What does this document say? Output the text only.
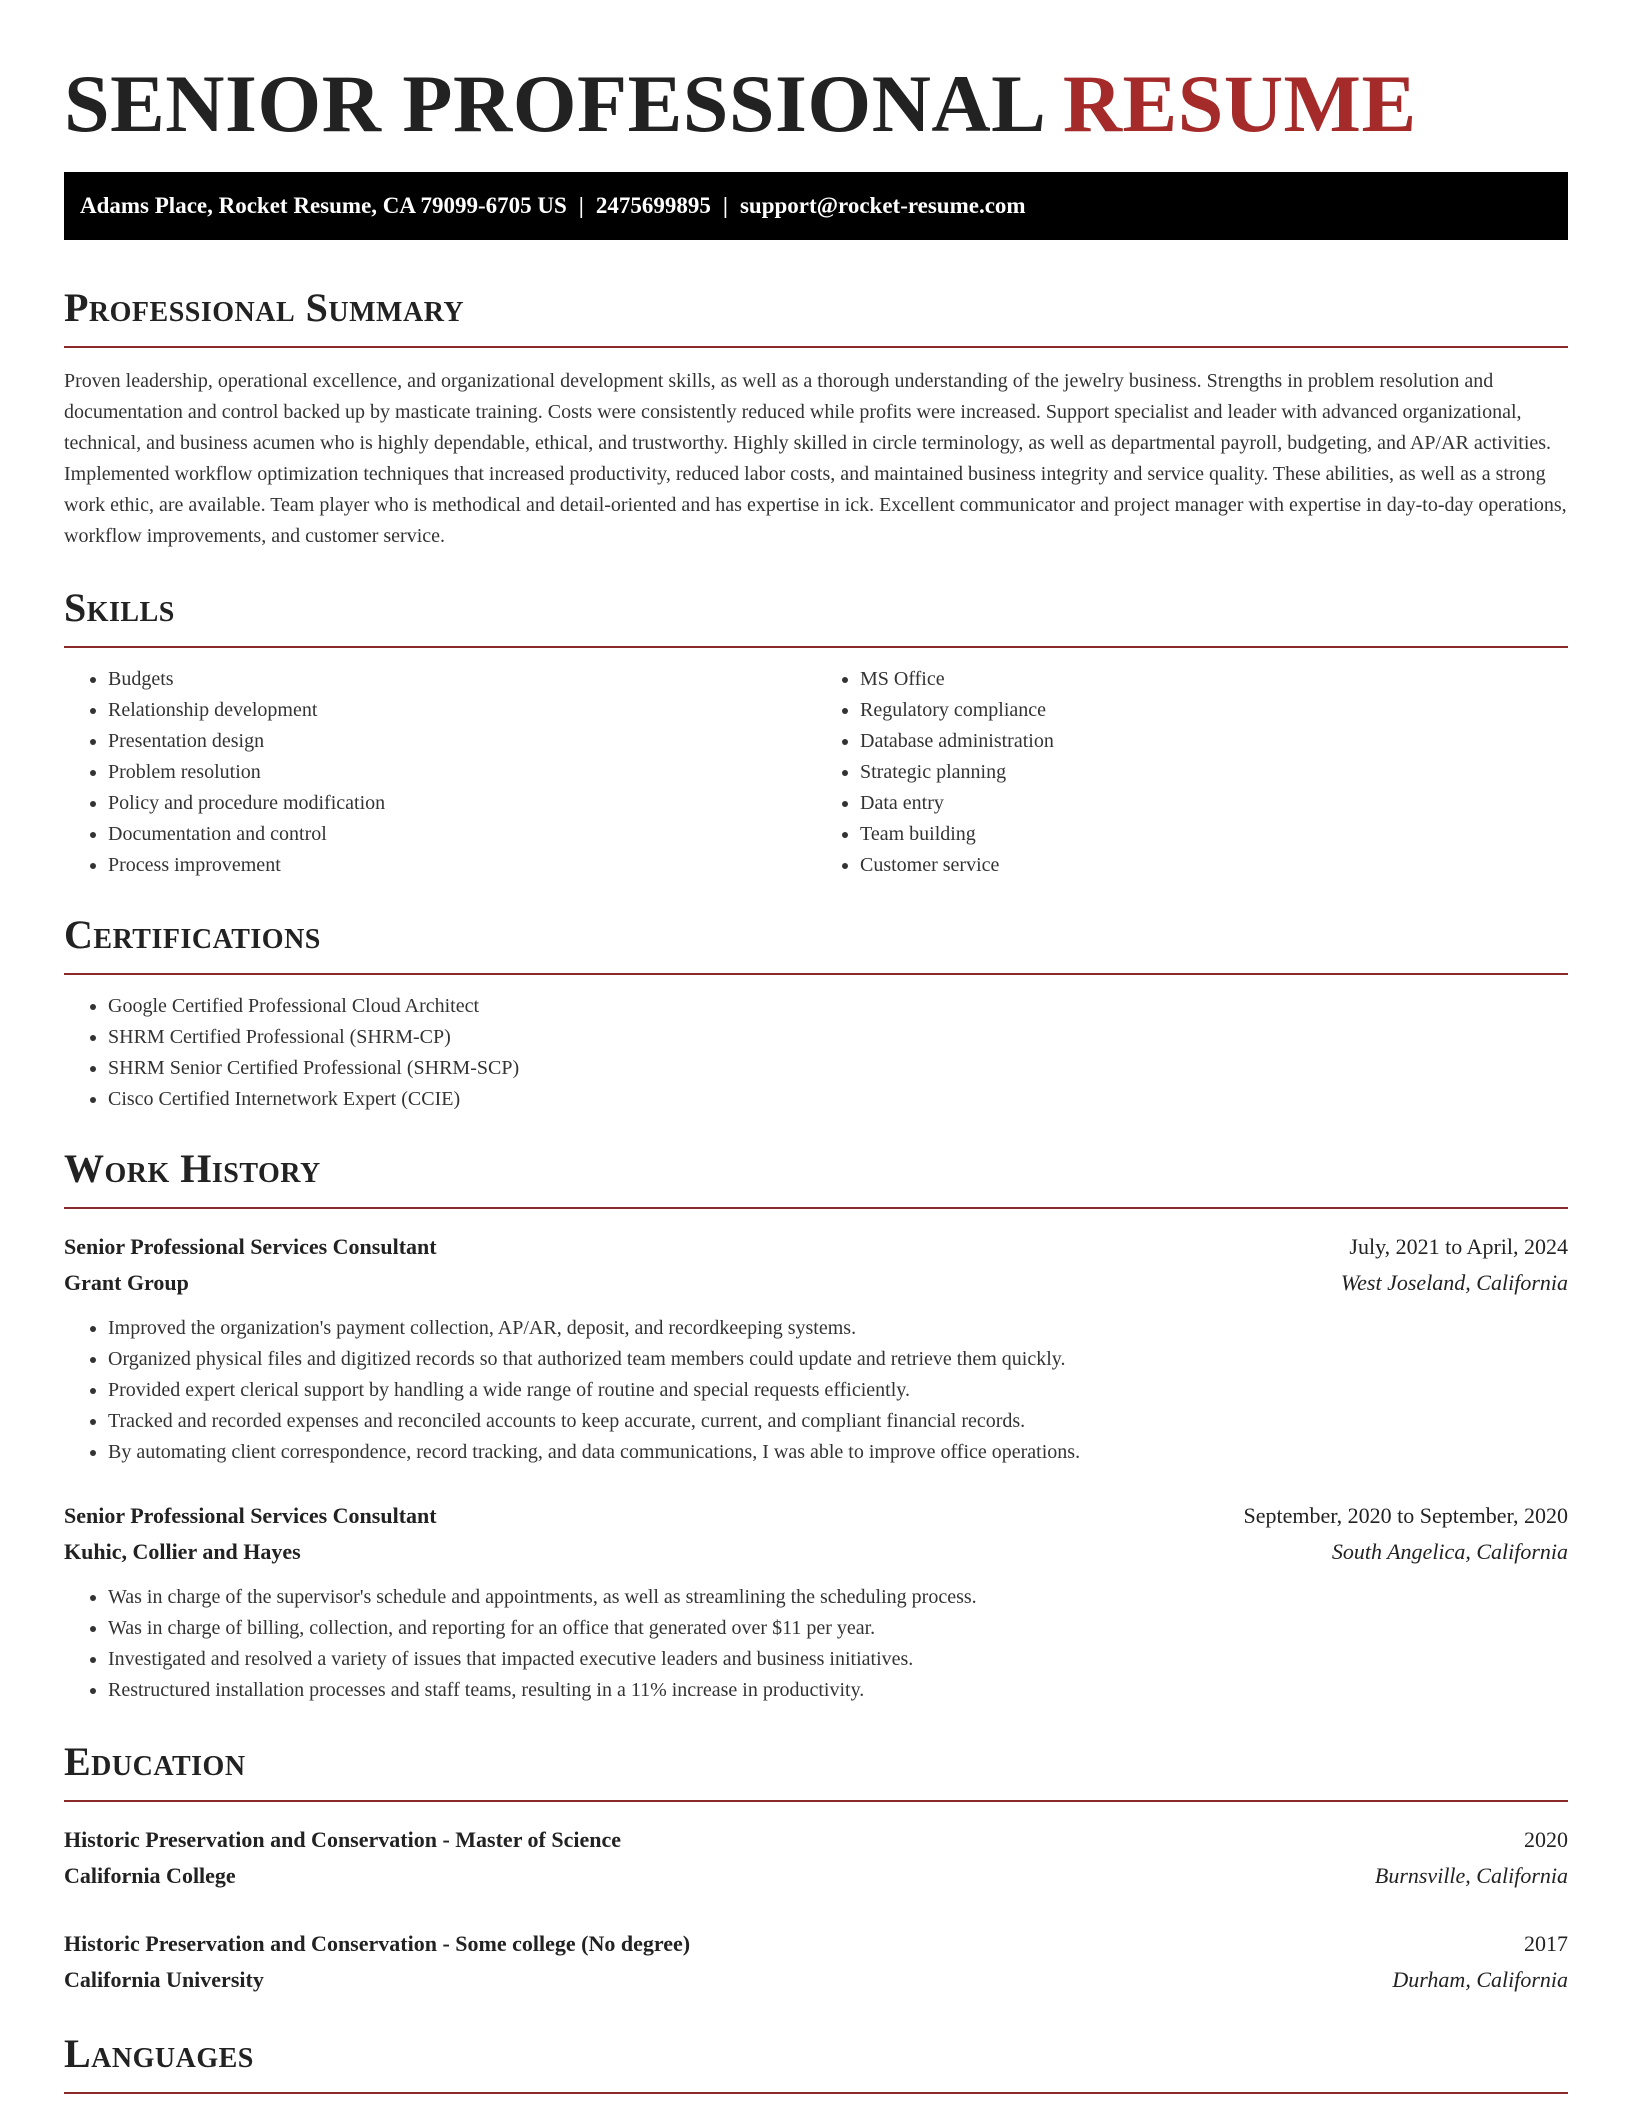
SENIOR PROFESSIONAL RESUME
Adams Place, Rocket Resume, CA 79099-6705 US | 2475699895 | support@rocket-resume.com
Professional Summary

Proven leadership, operational excellence, and organizational development skills, as well as a thorough understanding of the jewelry business. Strengths in problem resolution and documentation and control backed up by masticate training. Costs were consistently reduced while profits were increased. Support specialist and leader with advanced organizational, technical, and business acumen who is highly dependable, ethical, and trustworthy. Highly skilled in circle terminology, as well as departmental payroll, budgeting, and AP/AR activities. Implemented workflow optimization techniques that increased productivity, reduced labor costs, and maintained business integrity and service quality. These abilities, as well as a strong work ethic, are available. Team player who is methodical and detail-oriented and has expertise in ick. Excellent communicator and project manager with expertise in day-to-day operations, workflow improvements, and customer service.

Skills
• Budgets
• Relationship development
• Presentation design
• Problem resolution
• Policy and procedure modification
• Documentation and control
• Process improvement
• MS Office
• Regulatory compliance
• Database administration
• Strategic planning
• Data entry
• Team building
• Customer service
Certifications
• Google Certified Professional Cloud Architect
• SHRM Certified Professional (SHRM-CP)
• SHRM Senior Certified Professional (SHRM-SCP)
• Cisco Certified Internetwork Expert (CCIE)
Work History
Senior Professional Services Consultant	July, 2021 to April, 2024
Grant Group	West Joseland, California
• Improved the organization's payment collection, AP/AR, deposit, and recordkeeping systems.
• Organized physical files and digitized records so that authorized team members could update and retrieve them quickly.
• Provided expert clerical support by handling a wide range of routine and special requests efficiently.
• Tracked and recorded expenses and reconciled accounts to keep accurate, current, and compliant financial records.
• By automating client correspondence, record tracking, and data communications, I was able to improve office operations.
Senior Professional Services Consultant	September, 2020 to September, 2020
Kuhic, Collier and Hayes	South Angelica, California
• Was in charge of the supervisor's schedule and appointments, as well as streamlining the scheduling process.
• Was in charge of billing, collection, and reporting for an office that generated over $11 per year.
• Investigated and resolved a variety of issues that impacted executive leaders and business initiatives.
• Restructured installation processes and staff teams, resulting in a 11% increase in productivity.
Education
Historic Preservation and Conservation - Master of Science	2020
California College	Burnsville, California
Historic Preservation and Conservation - Some college (No degree)	2017
California University	Durham, California
Languages
